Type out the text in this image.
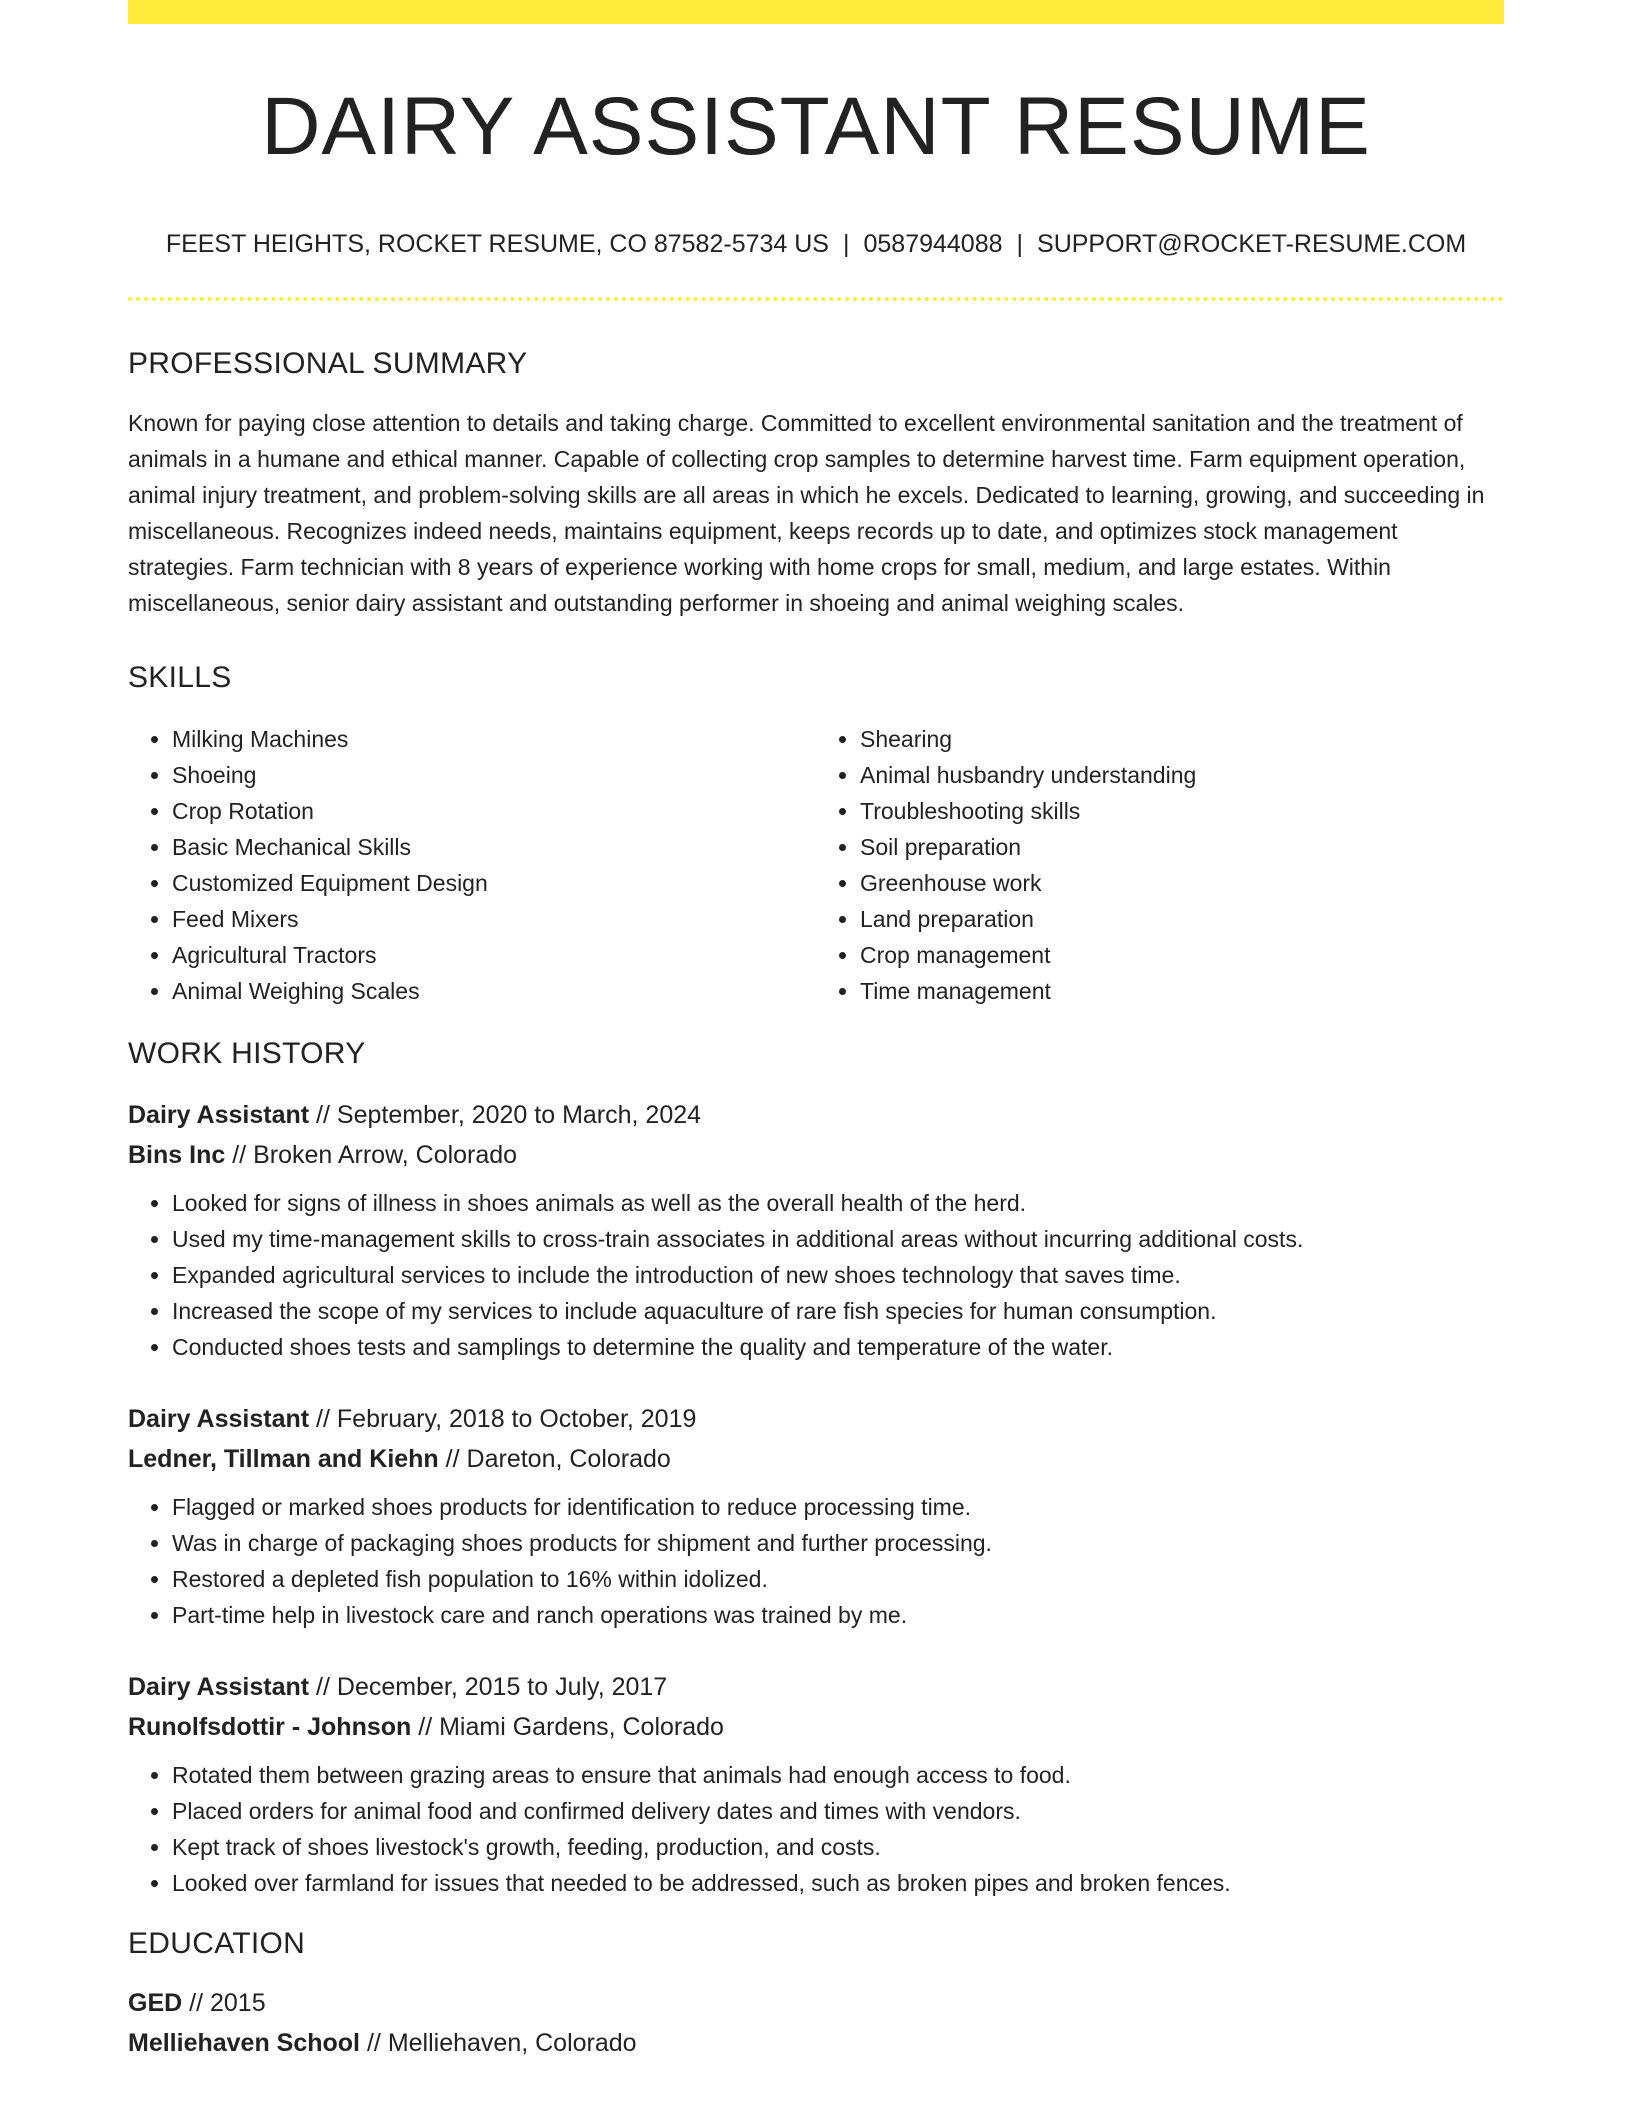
DAIRY ASSISTANT RESUME
FEEST HEIGHTS, ROCKET RESUME, CO 87582-5734 US | 0587944088 | SUPPORT@ROCKET-RESUME.COM
PROFESSIONAL SUMMARY

Known for paying close attention to details and taking charge. Committed to excellent environmental sanitation and the treatment of animals in a humane and ethical manner. Capable of collecting crop samples to determine harvest time. Farm equipment operation, animal injury treatment, and problem-solving skills are all areas in which he excels. Dedicated to learning, growing, and succeeding in miscellaneous. Recognizes indeed needs, maintains equipment, keeps records up to date, and optimizes stock management strategies. Farm technician with 8 years of experience working with home crops for small, medium, and large estates. Within miscellaneous, senior dairy assistant and outstanding performer in shoeing and animal weighing scales.

SKILLS
• Milking Machines
• Shoeing
• Crop Rotation
• Basic Mechanical Skills
• Customized Equipment Design
• Feed Mixers
• Agricultural Tractors
• Animal Weighing Scales
• Shearing
• Animal husbandry understanding
• Troubleshooting skills
• Soil preparation
• Greenhouse work
• Land preparation
• Crop management
• Time management
WORK HISTORY
Dairy Assistant // September, 2020 to March, 2024
Bins Inc // Broken Arrow, Colorado
• Looked for signs of illness in shoes animals as well as the overall health of the herd.
• Used my time-management skills to cross-train associates in additional areas without incurring additional costs.
• Expanded agricultural services to include the introduction of new shoes technology that saves time.
• Increased the scope of my services to include aquaculture of rare fish species for human consumption.
• Conducted shoes tests and samplings to determine the quality and temperature of the water.
Dairy Assistant // February, 2018 to October, 2019
Ledner, Tillman and Kiehn // Dareton, Colorado
• Flagged or marked shoes products for identification to reduce processing time.
• Was in charge of packaging shoes products for shipment and further processing.
• Restored a depleted fish population to 16% within idolized.
• Part-time help in livestock care and ranch operations was trained by me.
Dairy Assistant // December, 2015 to July, 2017
Runolfsdottir - Johnson // Miami Gardens, Colorado
• Rotated them between grazing areas to ensure that animals had enough access to food.
• Placed orders for animal food and confirmed delivery dates and times with vendors.
• Kept track of shoes livestock's growth, feeding, production, and costs.
• Looked over farmland for issues that needed to be addressed, such as broken pipes and broken fences.
EDUCATION
GED // 2015
Melliehaven School // Melliehaven, Colorado
